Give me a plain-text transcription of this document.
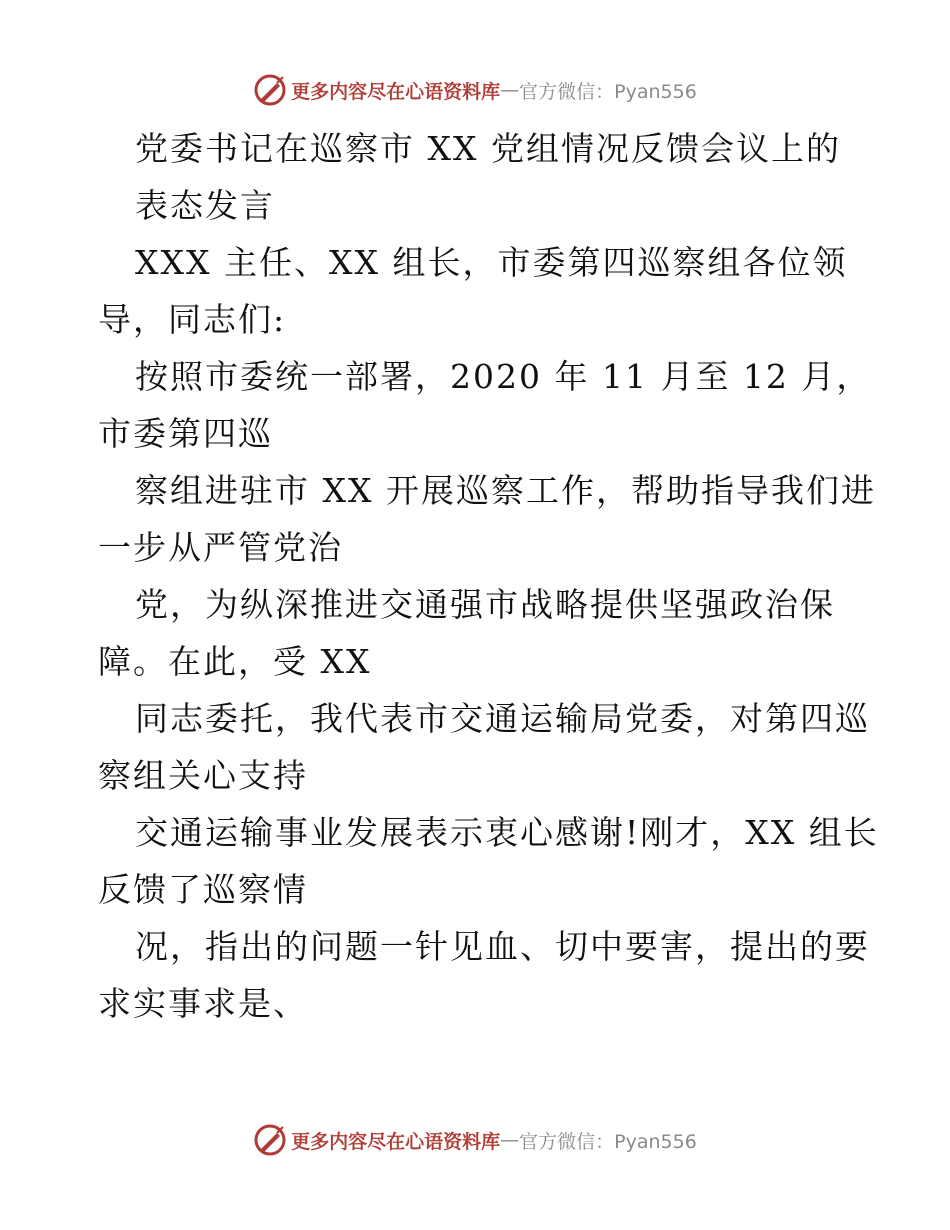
更多内容尽在心语资料库 — 官方微信：Pyan556
党委书记在巡察市 XX 党组情况反馈会议上的
表态发言
XXX 主任、XX 组长，市委第四巡察组各位领
导，同志们:
按照市委统一部署，2020 年 11 月至 12 月，
市委第四巡
察组进驻市 XX 开展巡察工作，帮助指导我们进
一步从严管党治
党，为纵深推进交通强市战略提供坚强政治保
障。在此，受 XX
同志委托，我代表市交通运输局党委，对第四巡
察组关心支持
交通运输事业发展表示衷心感谢!刚才，XX 组长
反馈了巡察情
况，指出的问题一针见血、切中要害，提出的要
求实事求是、
更多内容尽在心语资料库 — 官方微信：Pyan556
